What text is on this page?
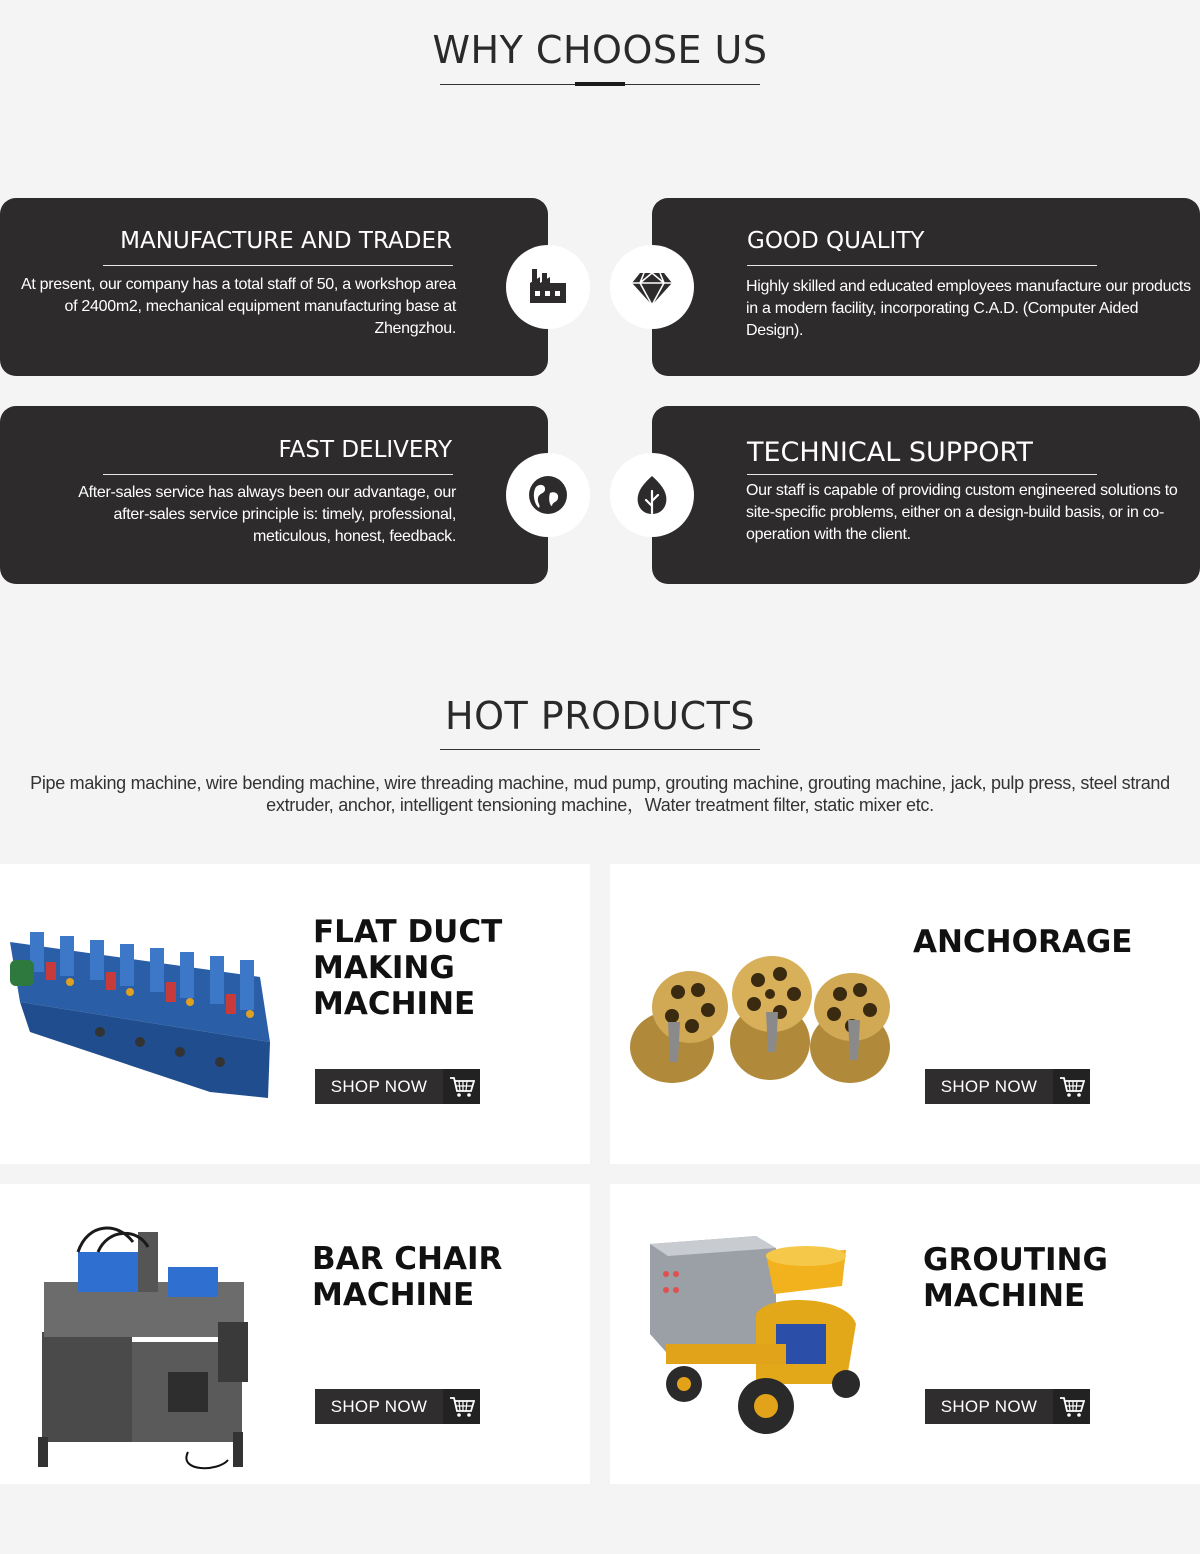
WHY CHOOSE US
MANUFACTURE AND TRADER
At present, our company has a total staff of 50, a workshop area of 2400m2, mechanical equipment manufacturing base at Zhengzhou.
GOOD QUALITY
Highly skilled and educated employees manufacture our products in a modern facility, incorporating C.A.D. (Computer Aided Design).
FAST DELIVERY
After-sales service has always been our advantage, our after-sales service principle is: timely, professional, meticulous, honest, feedback.
TECHNICAL SUPPORT
Our staff is capable of providing custom engineered solutions to site-specific problems, either on a design-build basis, or in co-operation with the client.
HOT PRODUCTS

Pipe making machine, wire bending machine, wire threading machine, mud pump, grouting machine, grouting machine, jack, pulp press, steel strand extruder, anchor, intelligent tensioning machine，Water treatment filter, static mixer etc.

FLAT DUCT
MAKING
MACHINE
SHOP NOW
ANCHORAGE
SHOP NOW
BAR CHAIR
MACHINE
SHOP NOW
GROUTING
MACHINE
SHOP NOW
